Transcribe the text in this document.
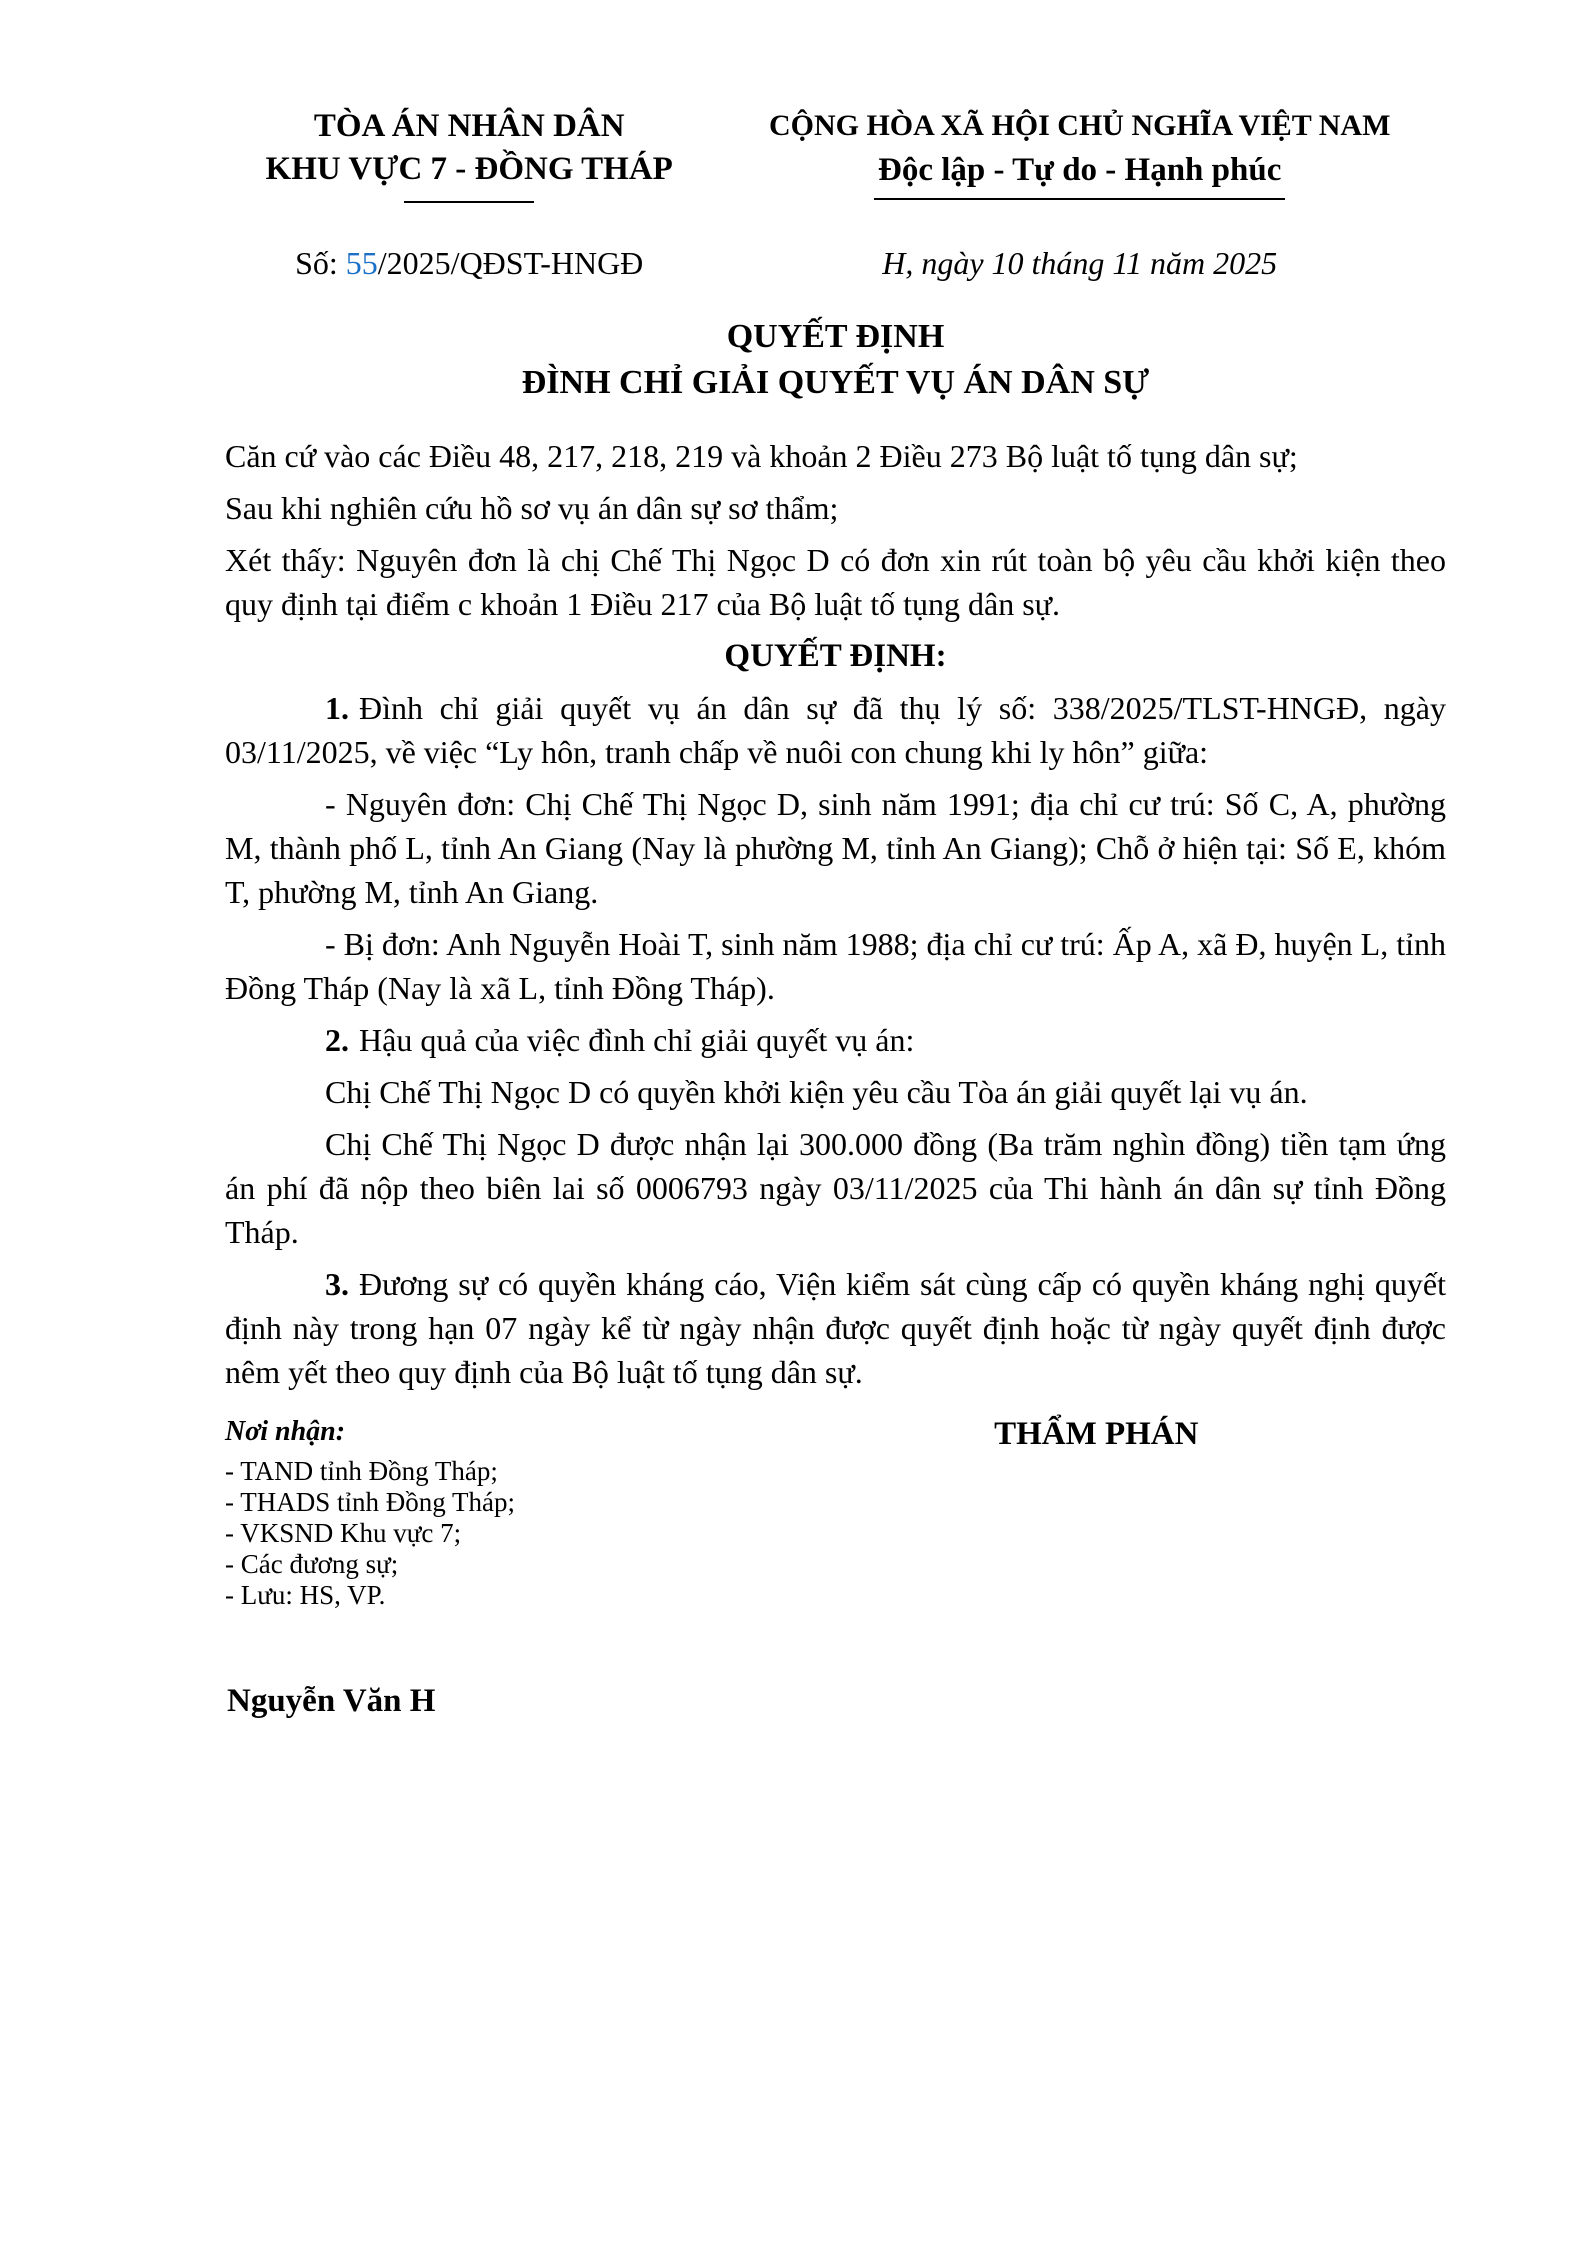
TÒA ÁN NHÂN DÂN
KHU VỰC 7 - ĐỒNG THÁP
CỘNG HÒA XÃ HỘI CHỦ NGHĨA VIỆT NAM
Độc lập - Tự do - Hạnh phúc
Số: 55/2025/QĐST-HNGĐ	H, ngày 10 tháng 11 năm 2025
QUYẾT ĐỊNH
ĐÌNH CHỈ GIẢI QUYẾT VỤ ÁN DÂN SỰ

Căn cứ vào các Điều 48, 217, 218, 219 và khoản 2 Điều 273 Bộ luật tố tụng dân sự;

Sau khi nghiên cứu hồ sơ vụ án dân sự sơ thẩm;

Xét thấy: Nguyên đơn là chị Chế Thị Ngọc D có đơn xin rút toàn bộ yêu cầu khởi kiện theo quy định tại điểm c khoản 1 Điều 217 của Bộ luật tố tụng dân sự.

QUYẾT ĐỊNH:

1. Đình chỉ giải quyết vụ án dân sự đã thụ lý số: 338/2025/TLST-HNGĐ, ngày 03/11/2025, về việc “Ly hôn, tranh chấp về nuôi con chung khi ly hôn” giữa:

- Nguyên đơn: Chị Chế Thị Ngọc D, sinh năm 1991; địa chỉ cư trú: Số C, A, phường M, thành phố L, tỉnh An Giang (Nay là phường M, tỉnh An Giang); Chỗ ở hiện tại: Số E, khóm T, phường M, tỉnh An Giang.

- Bị đơn: Anh Nguyễn Hoài T, sinh năm 1988; địa chỉ cư trú: Ấp A, xã Đ, huyện L, tỉnh Đồng Tháp (Nay là xã L, tỉnh Đồng Tháp).

2. Hậu quả của việc đình chỉ giải quyết vụ án:

Chị Chế Thị Ngọc D có quyền khởi kiện yêu cầu Tòa án giải quyết lại vụ án.

Chị Chế Thị Ngọc D được nhận lại 300.000 đồng (Ba trăm nghìn đồng) tiền tạm ứng án phí đã nộp theo biên lai số 0006793 ngày 03/11/2025 của Thi hành án dân sự tỉnh Đồng Tháp.

3. Đương sự có quyền kháng cáo, Viện kiểm sát cùng cấp có quyền kháng nghị quyết định này trong hạn 07 ngày kể từ ngày nhận được quyết định hoặc từ ngày quyết định được nêm yết theo quy định của Bộ luật tố tụng dân sự.

Nơi nhận:
- TAND tỉnh Đồng Tháp;
- THADS tỉnh Đồng Tháp;
- VKSND Khu vực 7;
- Các đương sự;
- Lưu: HS, VP.
THẨM PHÁN
Nguyễn Văn H
